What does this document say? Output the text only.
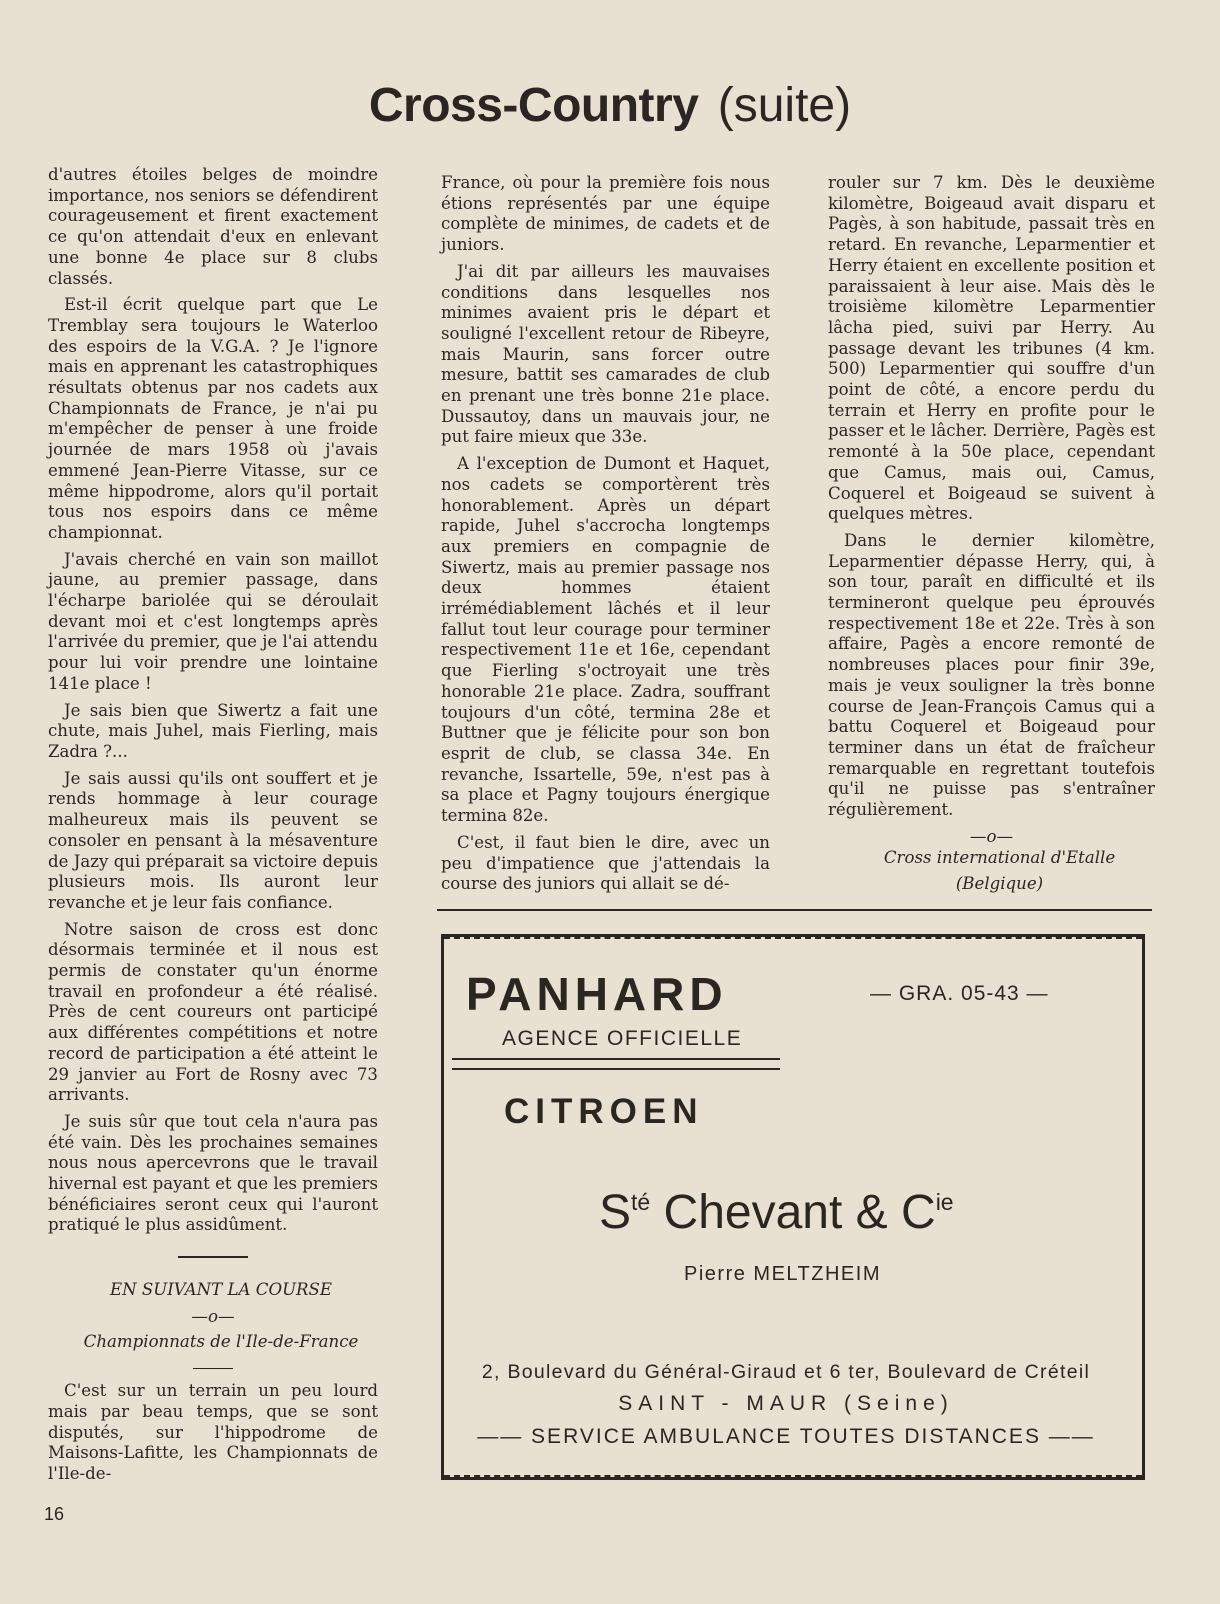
Cross-Country (suite)

d'autres étoiles belges de moindre importance, nos seniors se défendirent courageusement et firent exactement ce qu'on attendait d'eux en enlevant une bonne 4e place sur 8 clubs classés.

Est-il écrit quelque part que Le Tremblay sera toujours le Waterloo des espoirs de la V.G.A. ? Je l'ignore mais en apprenant les catastrophiques résultats obtenus par nos cadets aux Championnats de France, je n'ai pu m'empêcher de penser à une froide journée de mars 1958 où j'avais emmené Jean-Pierre Vitasse, sur ce même hippodrome, alors qu'il portait tous nos espoirs dans ce même championnat.

J'avais cherché en vain son maillot jaune, au premier passage, dans l'écharpe bariolée qui se déroulait devant moi et c'est longtemps après l'arrivée du premier, que je l'ai attendu pour lui voir prendre une lointaine 141e place !

Je sais bien que Siwertz a fait une chute, mais Juhel, mais Fierling, mais Zadra ?...

Je sais aussi qu'ils ont souffert et je rends hommage à leur courage malheureux mais ils peuvent se consoler en pensant à la mésaventure de Jazy qui préparait sa victoire depuis plusieurs mois. Ils auront leur revanche et je leur fais confiance.

Notre saison de cross est donc désormais terminée et il nous est permis de constater qu'un énorme travail en profondeur a été réalisé. Près de cent coureurs ont participé aux différentes compétitions et notre record de participation a été atteint le 29 janvier au Fort de Rosny avec 73 arrivants.

Je suis sûr que tout cela n'aura pas été vain. Dès les prochaines semaines nous nous apercevrons que le travail hivernal est payant et que les premiers bénéficiaires seront ceux qui l'auront pratiqué le plus assidûment.

EN SUIVANT LA COURSE

—o—

Championnats de l'Ile-de-France

C'est sur un terrain un peu lourd mais par beau temps, que se sont disputés, sur l'hippodrome de Maisons-Lafitte, les Championnats de l'Ile-de-

France, où pour la première fois nous étions représentés par une équipe complète de minimes, de cadets et de juniors.

J'ai dit par ailleurs les mauvaises conditions dans lesquelles nos minimes avaient pris le départ et souligné l'excellent retour de Ribeyre, mais Maurin, sans forcer outre mesure, battit ses camarades de club en prenant une très bonne 21e place. Dussautoy, dans un mauvais jour, ne put faire mieux que 33e.

A l'exception de Dumont et Haquet, nos cadets se comportèrent très honorablement. Après un départ rapide, Juhel s'accrocha longtemps aux premiers en compagnie de Siwertz, mais au premier passage nos deux hommes étaient irrémédiablement lâchés et il leur fallut tout leur courage pour terminer respectivement 11e et 16e, cependant que Fierling s'octroyait une très honorable 21e place. Zadra, souffrant toujours d'un côté, termina 28e et Buttner que je félicite pour son bon esprit de club, se classa 34e. En revanche, Issartelle, 59e, n'est pas à sa place et Pagny toujours énergique termina 82e.

C'est, il faut bien le dire, avec un peu d'impatience que j'attendais la course des juniors qui allait se dé-

rouler sur 7 km. Dès le deuxième kilomètre, Boigeaud avait disparu et Pagès, à son habitude, passait très en retard. En revanche, Leparmentier et Herry étaient en excellente position et paraissaient à leur aise. Mais dès le troisième kilomètre Leparmentier lâcha pied, suivi par Herry. Au passage devant les tribunes (4 km. 500) Leparmentier qui souffre d'un point de côté, a encore perdu du terrain et Herry en profite pour le passer et le lâcher. Derrière, Pagès est remonté à la 50e place, cependant que Camus, mais oui, Camus, Coquerel et Boigeaud se suivent à quelques mètres.

Dans le dernier kilomètre, Leparmentier dépasse Herry, qui, à son tour, paraît en difficulté et ils termineront quelque peu éprouvés respectivement 18e et 22e. Très à son affaire, Pagès a encore remonté de nombreuses places pour finir 39e, mais je veux souligner la très bonne course de Jean-François Camus qui a battu Coquerel et Boigeaud pour terminer dans un état de fraîcheur remarquable en regrettant toutefois qu'il ne puisse pas s'entraîner régulièrement.

—o—

Cross international d'Etalle

(Belgique)

PANHARD	— GRA. 05-43 —
AGENCE OFFICIELLE
CITROEN
$S^{té}$ Chevant & $C^{ie}$
Pierre MELTZHEIM
2, Boulevard du Général-Giraud et 6 ter, Boulevard de Créteil
SAINT - MAUR (Seine)
—— SERVICE AMBULANCE TOUTES DISTANCES ——
16
